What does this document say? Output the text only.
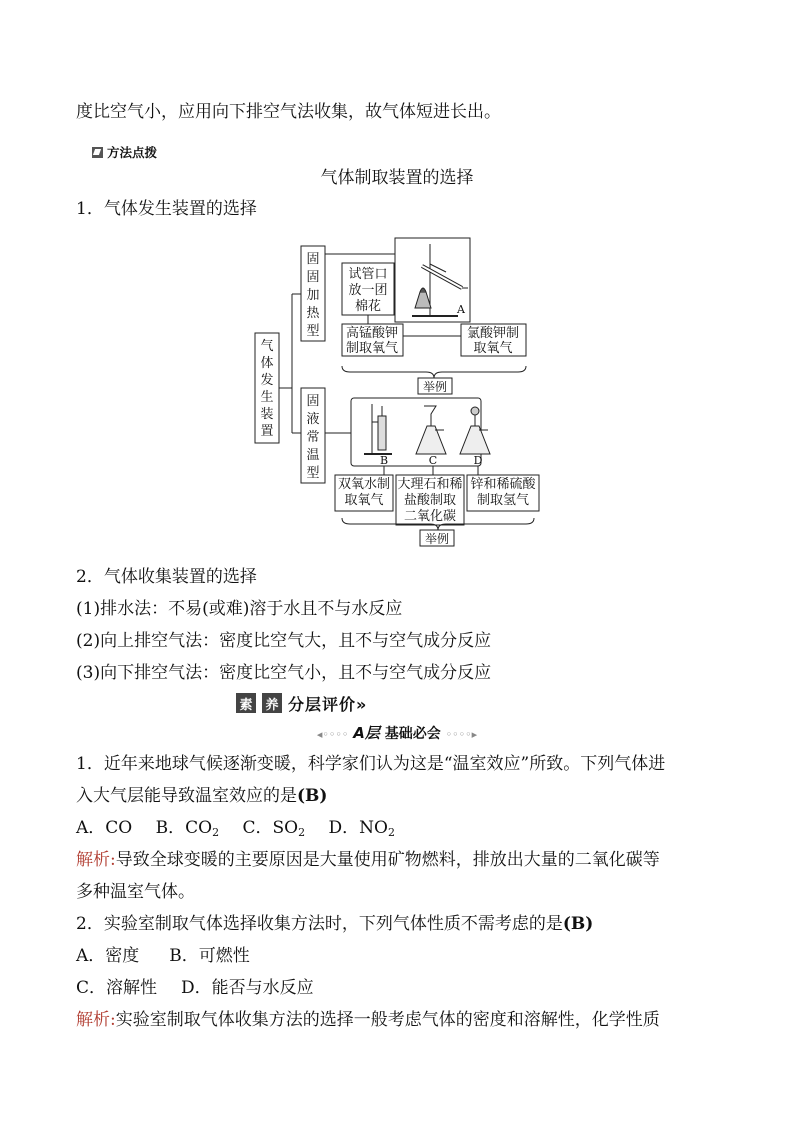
度比空气小，应用向下排空气法收集，故气体短进长出。
方法点拨
气体制取装置的选择
1．气体发生装置的选择
气
体
发
生
装
置
固
固
加
热
型
固
液
常
温
型
试管口
放一团
棉花
高锰酸钾
制取氧气
氯酸钾制
取氧气
双氧水制
取氧气
大理石和稀
盐酸制取
二氧化碳
锌和稀硫酸
制取氢气
举例
举例
A
B	C	D
2．气体收集装置的选择
(1)排水法：不易(或难)溶于水且不与水反应
(2)向上排空气法：密度比空气大，且不与空气成分反应
(3)向下排空气法：密度比空气小，且不与空气成分反应
素 养 分层评价»
◂◦◦◦◦ A层 基础必会 ◦◦◦◦▸
1．近年来地球气候逐渐变暖，科学家们认为这是“温室效应”所致。下列气体进
入大气层能导致温室效应的是(B)
A．CO B．$CO_2$ C．$SO_2$ D．$NO_2$
解析:导致全球变暖的主要原因是大量使用矿物燃料，排放出大量的二氧化碳等
多种温室气体。
2．实验室制取气体选择收集方法时，下列气体性质不需考虑的是(B)
A．密度 B．可燃性
C．溶解性 D．能否与水反应
解析:实验室制取气体收集方法的选择一般考虑气体的密度和溶解性，化学性质
